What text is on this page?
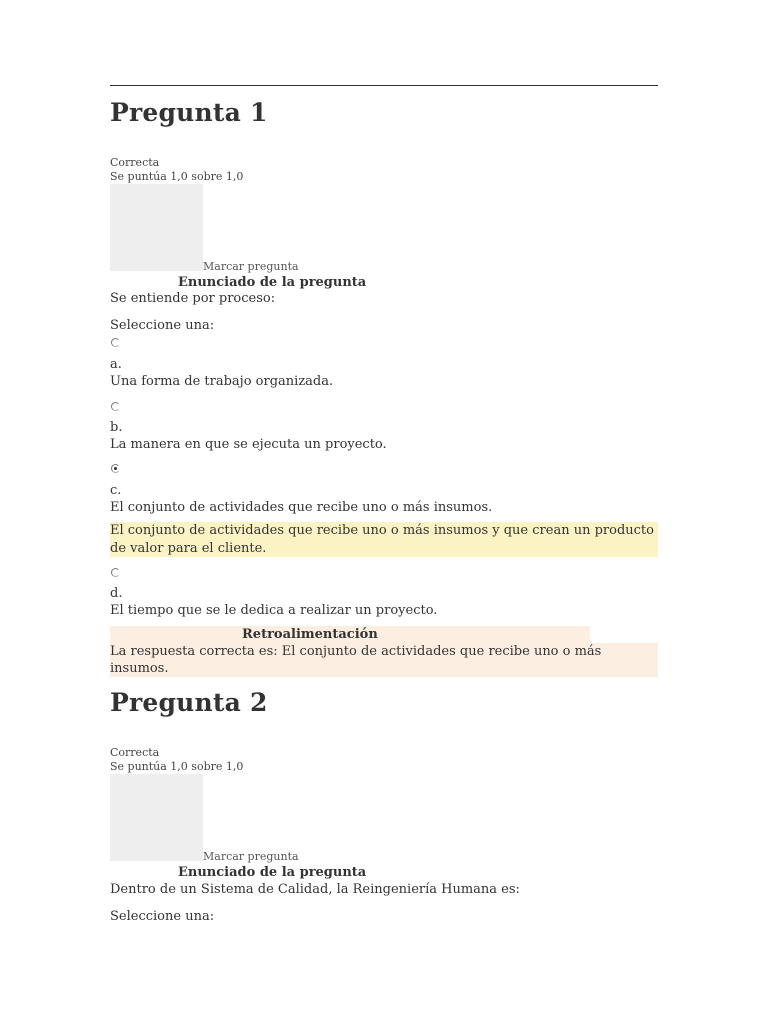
Pregunta 1
Correcta
Se puntúa 1,0 sobre 1,0
Marcar pregunta
Enunciado de la pregunta
Se entiende por proceso:
Seleccione una:
a.
Una forma de trabajo organizada.
b.
La manera en que se ejecuta un proyecto.
c.
El conjunto de actividades que recibe uno o más insumos.
El conjunto de actividades que recibe uno o más insumos y que crean un producto de valor para el cliente.
d.
El tiempo que se le dedica a realizar un proyecto.
Retroalimentación
La respuesta correcta es: El conjunto de actividades que recibe uno o más insumos.
Pregunta 2
Correcta
Se puntúa 1,0 sobre 1,0
Marcar pregunta
Enunciado de la pregunta
Dentro de un Sistema de Calidad, la Reingeniería Humana es:
Seleccione una:
